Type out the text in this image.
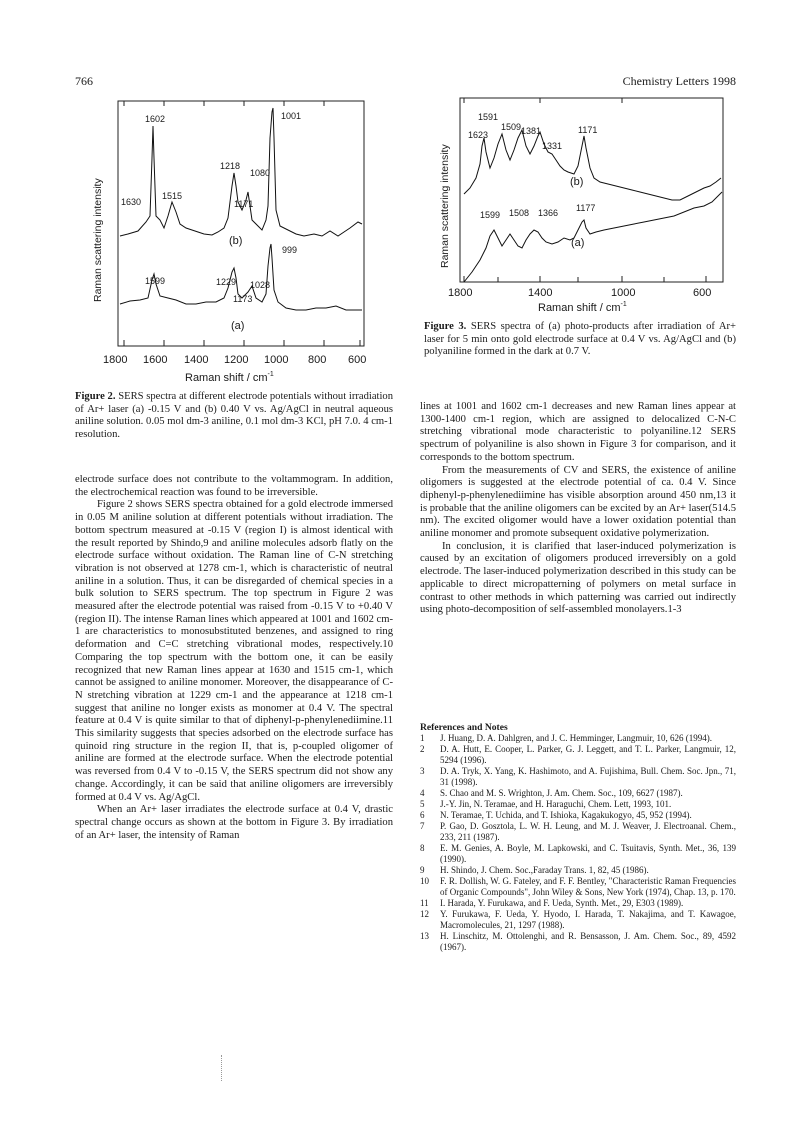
766	Chemistry Letters 1998
1602	1001
1218
1080
1630
1515
1171
(b)
999
1599	1229 1028
1173
(a)
Raman scattering intensity
1800 1600 1400 1200 1000 800 600
Raman shift / $cm^{-1}$
Figure 2. SERS spectra at different electrode potentials without irradiation of Ar+ laser (a) -0.15 V and (b) 0.40 V vs. Ag/AgCl in neutral aqueous aniline solution. 0.05 mol dm-3 aniline, 0.1 mol dm-3 KCl, pH 7.0. 4 cm-1 resolution.
1591
1623
1509 1381	1171
1331
(b)
1599 1508 1366 1177
(a)
Raman scattering intensity
1800	1400	1000	600
Raman shift / $cm^{-1}$
Figure 3. SERS spectra of (a) photo-products after irradiation of Ar+ laser for 5 min onto gold electrode surface at 0.4 V vs. Ag/AgCl and (b) polyaniline formed in the dark at 0.7 V.

electrode surface does not contribute to the voltammogram. In addition, the electrochemical reaction was found to be irreversible.

Figure 2 shows SERS spectra obtained for a gold electrode immersed in 0.05 M aniline solution at different potentials without irradiation. The bottom spectrum measured at -0.15 V (region I) is almost identical with the result reported by Shindo,9 and aniline molecules adsorb flatly on the electrode surface without oxidation. The Raman line of C-N stretching vibration is not observed at 1278 cm-1, which is characteristic of neutral aniline in a solution. Thus, it can be disregarded of chemical species in a bulk solution to SERS spectrum. The top spectrum in Figure 2 was measured after the electrode potential was raised from -0.15 V to +0.40 V (region II). The intense Raman lines which appeared at 1001 and 1602 cm-1 are characteristics to monosubstituted benzenes, and assigned to ring deformation and C=C stretching vibrational modes, respectively.10 Comparing the top spectrum with the bottom one, it can be easily recognized that new Raman lines appear at 1630 and 1515 cm-1, which cannot be assigned to aniline monomer. Moreover, the disappearance of C-N stretching vibration at 1229 cm-1 and the appearance at 1218 cm-1 suggest that aniline no longer exists as monomer at 0.4 V. The spectral feature at 0.4 V is quite similar to that of diphenyl-p-phenylenediimine.11 This similarity suggests that species adsorbed on the electrode surface has quinoid ring structure in the region II, that is, p-coupled oligomer of aniline are formed at the electrode surface. When the electrode potential was reversed from 0.4 V to -0.15 V, the SERS spectrum did not show any change. Accordingly, it can be said that aniline oligomers are irreversibly formed at 0.4 V vs. Ag/AgCl.

When an Ar+ laser irradiates the electrode surface at 0.4 V, drastic spectral change occurs as shown at the bottom in Figure 3. By irradiation of an Ar+ laser, the intensity of Raman

lines at 1001 and 1602 cm-1 decreases and new Raman lines appear at 1300-1400 cm-1 region, which are assigned to delocalized C-N-C stretching vibrational mode characteristic to polyaniline.12 SERS spectrum of polyaniline is also shown in Figure 3 for comparison, and it corresponds to the bottom spectrum.

From the measurements of CV and SERS, the existence of aniline oligomers is suggested at the electrode potential of ca. 0.4 V. Since diphenyl-p-phenylenediimine has visible absorption around 450 nm,13 it is probable that the aniline oligomers can be excited by an Ar+ laser(514.5 nm). The excited oligomer would have a lower oxidation potential than aniline monomer and promote subsequent oxidative polymerization.

In conclusion, it is clarified that laser-induced polymerization is caused by an excitation of oligomers produced irreversibly on a gold electrode. The laser-induced polymerization described in this study can be applicable to direct micropatterning of polymers on metal surface in contrast to other methods in which patterning was carried out indirectly using photo-decomposition of self-assembled monolayers.1-3

References and Notes
1	J. Huang, D. A. Dahlgren, and J. C. Hemminger, Langmuir, 10, 626 (1994).
2	D. A. Hutt, E. Cooper, L. Parker, G. J. Leggett, and T. L. Parker, Langmuir, 12, 5294 (1996).
3	D. A. Tryk, X. Yang, K. Hashimoto, and A. Fujishima, Bull. Chem. Soc. Jpn., 71, 31 (1998).
4	S. Chao and M. S. Wrighton, J. Am. Chem. Soc., 109, 6627 (1987).
5	J.-Y. Jin, N. Teramae, and H. Haraguchi, Chem. Lett, 1993, 101.
6	N. Teramae, T. Uchida, and T. Ishioka, Kagakukogyo, 45, 952 (1994).
7	P. Gao, D. Gosztola, L. W. H. Leung, and M. J. Weaver, J. Electroanal. Chem., 233, 211 (1987).
8	E. M. Genies, A. Boyle, M. Lapkowski, and C. Tsuitavis, Synth. Met., 36, 139 (1990).
9	H. Shindo, J. Chem. Soc.,Faraday Trans. 1, 82, 45 (1986).
10	F. R. Dollish, W. G. Fateley, and F. F. Bentley, "Characteristic Raman Frequencies of Organic Compounds", John Wiley & Sons, New York (1974), Chap. 13, p. 170.
11	I. Harada, Y. Furukawa, and F. Ueda, Synth. Met., 29, E303 (1989).
12	Y. Furukawa, F. Ueda, Y. Hyodo, I. Harada, T. Nakajima, and T. Kawagoe, Macromolecules, 21, 1297 (1988).
13	H. Linschitz, M. Ottolenghi, and R. Bensasson, J. Am. Chem. Soc., 89, 4592 (1967).
